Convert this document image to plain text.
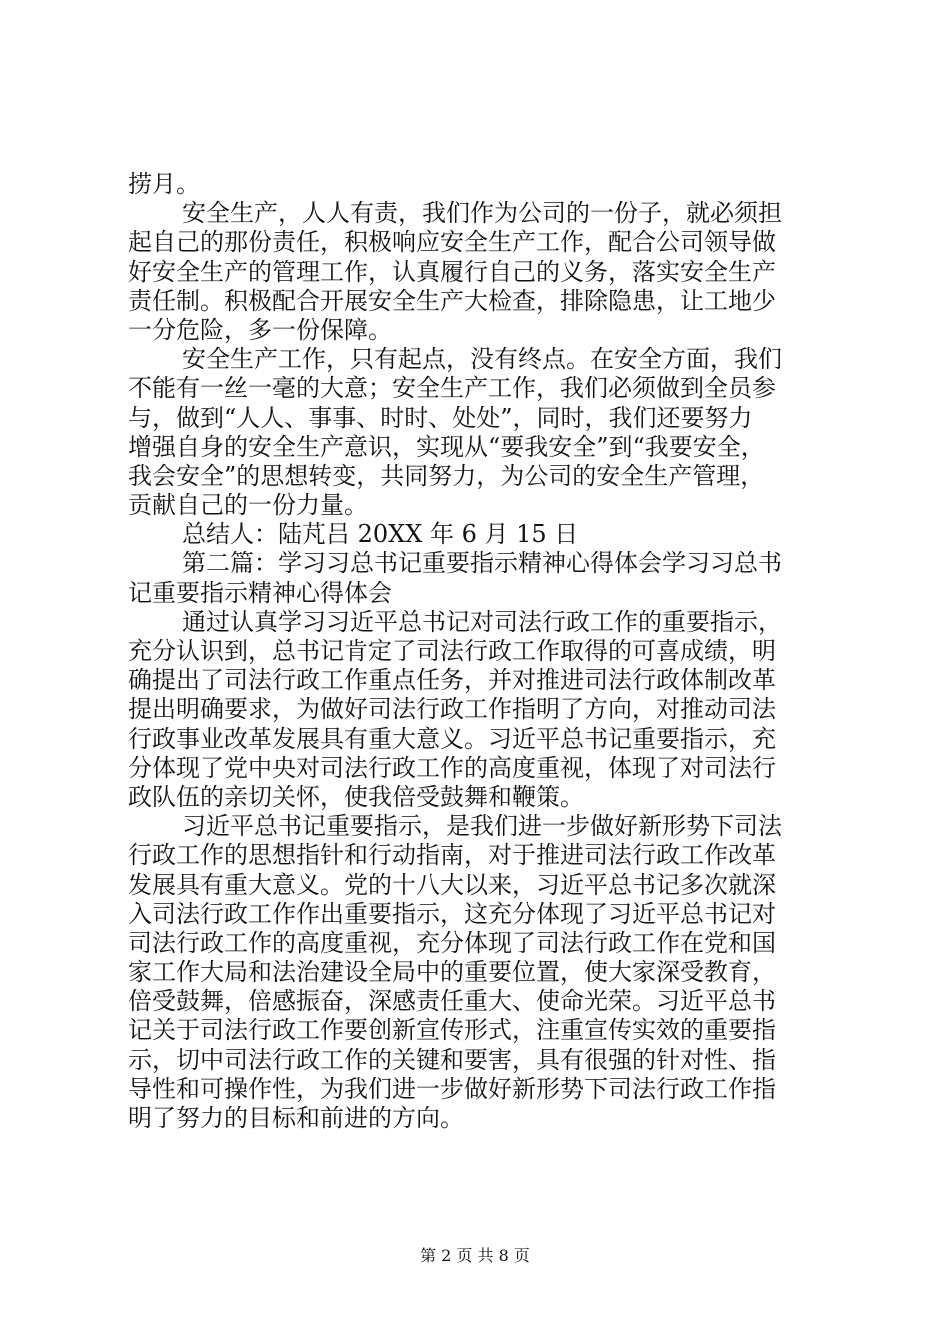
捞月。
安全生产，人人有责，我们作为公司的一份子，就必须担
起自己的那份责任，积极响应安全生产工作，配合公司领导做
好安全生产的管理工作，认真履行自己的义务，落实安全生产
责任制。积极配合开展安全生产大检查，排除隐患，让工地少
一分危险，多一份保障。
安全生产工作，只有起点，没有终点。在安全方面，我们
不能有一丝一毫的大意；安全生产工作，我们必须做到全员参
与，做到“人人、事事、时时、处处”，同时，我们还要努力
增强自身的安全生产意识，实现从“要我安全”到“我要安全，
我会安全”的思想转变，共同努力，为公司的安全生产管理，
贡献自己的一份力量。
总结人：陆芃吕 20XX 年 6 月 15 日
第二篇：学习习总书记重要指示精神心得体会学习习总书
记重要指示精神心得体会
通过认真学习习近平总书记对司法行政工作的重要指示，
充分认识到，总书记肯定了司法行政工作取得的可喜成绩，明
确提出了司法行政工作重点任务，并对推进司法行政体制改革
提出明确要求，为做好司法行政工作指明了方向，对推动司法
行政事业改革发展具有重大意义。习近平总书记重要指示，充
分体现了党中央对司法行政工作的高度重视，体现了对司法行
政队伍的亲切关怀，使我倍受鼓舞和鞭策。
习近平总书记重要指示，是我们进一步做好新形势下司法
行政工作的思想指针和行动指南，对于推进司法行政工作改革
发展具有重大意义。党的十八大以来，习近平总书记多次就深
入司法行政工作作出重要指示，这充分体现了习近平总书记对
司法行政工作的高度重视，充分体现了司法行政工作在党和国
家工作大局和法治建设全局中的重要位置，使大家深受教育，
倍受鼓舞，倍感振奋，深感责任重大、使命光荣。习近平总书
记关于司法行政工作要创新宣传形式，注重宣传实效的重要指
示，切中司法行政工作的关键和要害，具有很强的针对性、指
导性和可操作性，为我们进一步做好新形势下司法行政工作指
明了努力的目标和前进的方向。
第 2 页 共 8 页
